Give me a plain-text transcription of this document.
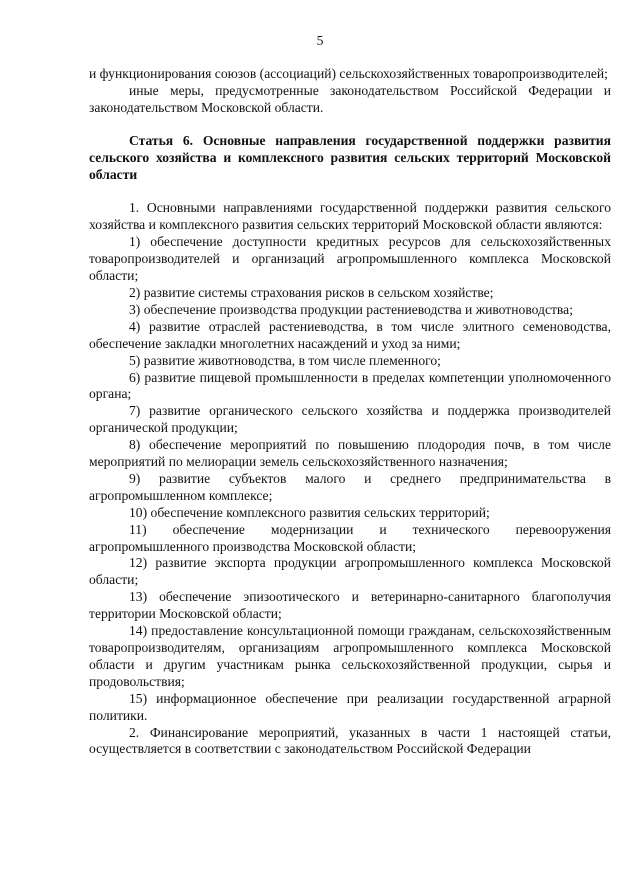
5

и функционирования союзов (ассоциаций) сельскохозяйственных товаропроизводителей;

иные меры, предусмотренные законодательством Российской Федерации и законодательством Московской области.

Статья 6. Основные направления государственной поддержки развития сельского хозяйства и комплексного развития сельских территорий Московской области

1. Основными направлениями государственной поддержки развития сельского хозяйства и комплексного развития сельских территорий Московской области являются:

1) обеспечение доступности кредитных ресурсов для сельскохозяйственных товаропроизводителей и организаций агропромышленного комплекса Московской области;

2) развитие системы страхования рисков в сельском хозяйстве;

3) обеспечение производства продукции растениеводства и животноводства;

4) развитие отраслей растениеводства, в том числе элитного семеноводства, обеспечение закладки многолетних насаждений и уход за ними;

5) развитие животноводства, в том числе племенного;

6) развитие пищевой промышленности в пределах компетенции уполномоченного органа;

7) развитие органического сельского хозяйства и поддержка производителей органической продукции;

8) обеспечение мероприятий по повышению плодородия почв, в том числе мероприятий по мелиорации земель сельскохозяйственного назначения;

9) развитие субъектов малого и среднего предпринимательства в агропромышленном комплексе;

10) обеспечение комплексного развития сельских территорий;

11) обеспечение модернизации и технического перевооружения агропромышленного производства Московской области;

12) развитие экспорта продукции агропромышленного комплекса Московской области;

13) обеспечение эпизоотического и ветеринарно-санитарного благополучия территории Московской области;

14) предоставление консультационной помощи гражданам, сельскохозяйственным товаропроизводителям, организациям агропромышленного комплекса Московской области и другим участникам рынка сельскохозяйственной продукции, сырья и продовольствия;

15) информационное обеспечение при реализации государственной аграрной политики.

2. Финансирование мероприятий, указанных в части 1 настоящей статьи, осуществляется в соответствии с законодательством Российской Федерации
